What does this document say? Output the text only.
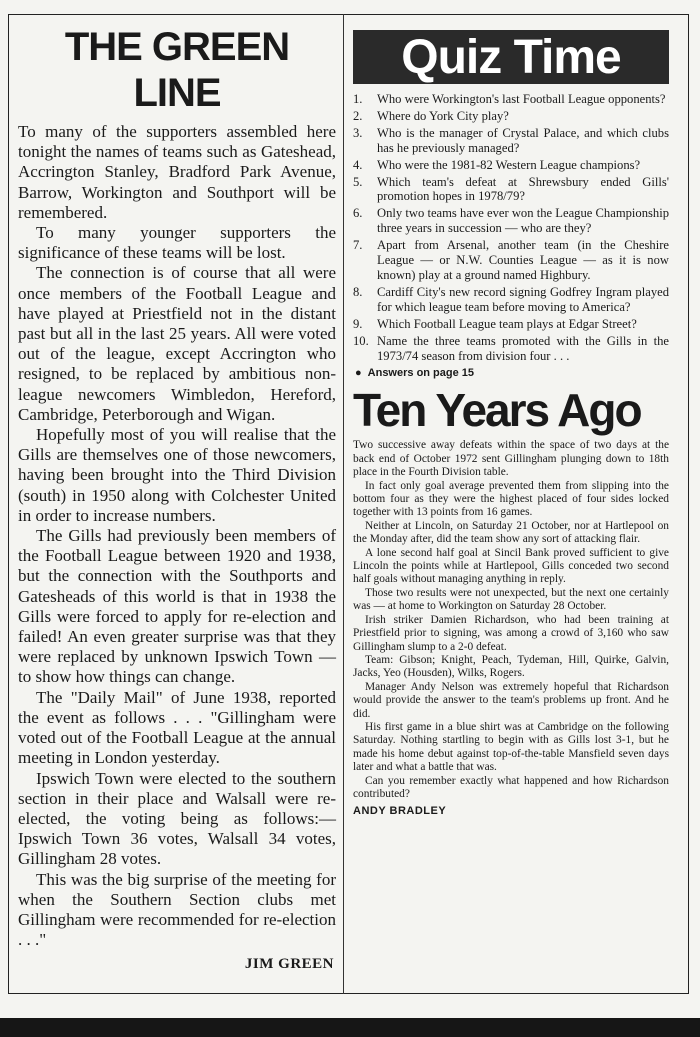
THE GREEN LINE

To many of the supporters assembled here tonight the names of teams such as Gateshead, Accrington Stanley, Bradford Park Avenue, Barrow, Workington and Southport will be remembered.

To many younger supporters the significance of these teams will be lost.

The connection is of course that all were once members of the Football League and have played at Priestfield not in the distant past but all in the last 25 years. All were voted out of the league, except Accrington who resigned, to be replaced by ambitious non-league newcomers Wimbledon, Hereford, Cambridge, Peterborough and Wigan.

Hopefully most of you will realise that the Gills are themselves one of those newcomers, having been brought into the Third Division (south) in 1950 along with Colchester United in order to increase numbers.

The Gills had previously been members of the Football League between 1920 and 1938, but the connection with the Southports and Gatesheads of this world is that in 1938 the Gills were forced to apply for re-election and failed! An even greater surprise was that they were replaced by unknown Ipswich Town — to show how things can change.

The "Daily Mail" of June 1938, reported the event as follows . . . "Gillingham were voted out of the Football League at the annual meeting in London yesterday.

Ipswich Town were elected to the southern section in their place and Walsall were re-elected, the voting being as follows:— Ipswich Town 36 votes, Walsall 34 votes, Gillingham 28 votes.

This was the big surprise of the meeting for when the Southern Section clubs met Gillingham were recommended for re-election . . ."

JIM GREEN
Quiz Time
1.	Who were Workington's last Football League opponents?
2.	Where do York City play?
3.	Who is the manager of Crystal Palace, and which clubs has he previously managed?
4.	Who were the 1981-82 Western League champions?
5.	Which team's defeat at Shrewsbury ended Gills' promotion hopes in 1978/79?
6.	Only two teams have ever won the League Championship three years in succession — who are they?
7.	Apart from Arsenal, another team (in the Cheshire League — or N.W. Counties League — as it is now known) play at a ground named Highbury.
8.	Cardiff City's new record signing Godfrey Ingram played for which league team before moving to America?
9.	Which Football League team plays at Edgar Street?
10. Name the three teams promoted with the Gills in the 1973/74 season from division four . . .
● Answers on page 15
Ten Years Ago

Two successive away defeats within the space of two days at the back end of October 1972 sent Gillingham plunging down to 18th place in the Fourth Division table.

In fact only goal average prevented them from slipping into the bottom four as they were the highest placed of four sides locked together with 13 points from 16 games.

Neither at Lincoln, on Saturday 21 October, nor at Hartlepool on the Monday after, did the team show any sort of attacking flair.

A lone second half goal at Sincil Bank proved sufficient to give Lincoln the points while at Hartlepool, Gills conceded two second half goals without managing anything in reply.

Those two results were not unexpected, but the next one certainly was — at home to Workington on Saturday 28 October.

Irish striker Damien Richardson, who had been training at Priestfield prior to signing, was among a crowd of 3,160 who saw Gillingham slump to a 2-0 defeat.

Team: Gibson; Knight, Peach, Tydeman, Hill, Quirke, Galvin, Jacks, Yeo (Housden), Wilks, Rogers.

Manager Andy Nelson was extremely hopeful that Richardson would provide the answer to the team's problems up front. And he did.

His first game in a blue shirt was at Cambridge on the following Saturday. Nothing startling to begin with as Gills lost 3-1, but he made his home debut against top-of-the-table Mansfield seven days later and what a battle that was.

Can you remember exactly what happened and how Richardson contributed?

ANDY BRADLEY
